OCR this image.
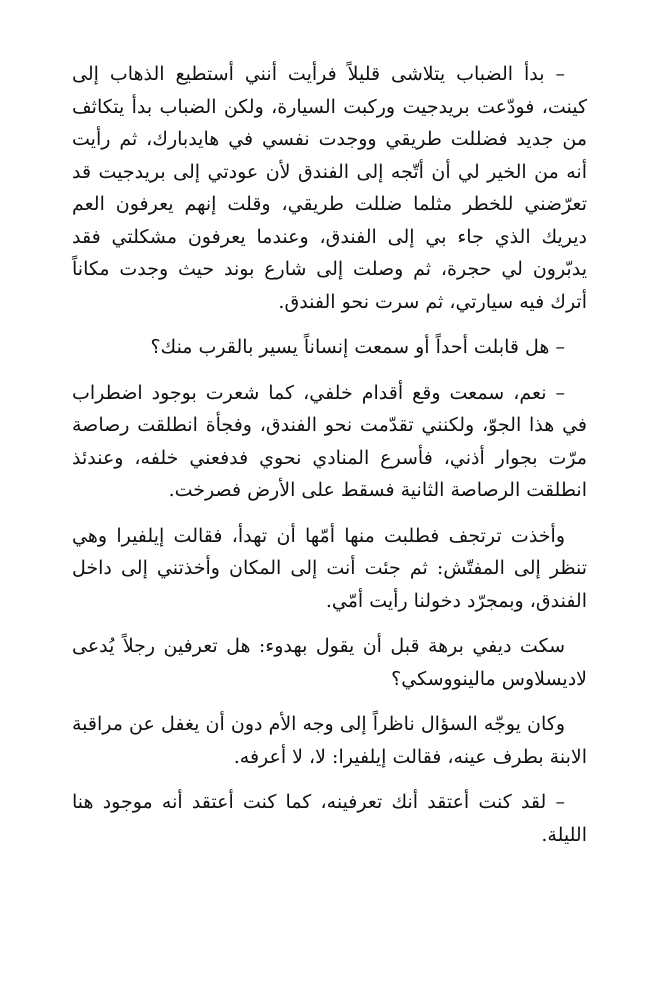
– بدأ الضباب يتلاشى قليلاً فرأيت أنني أستطيع الذهاب إلى كينت، فودّعت بريدجيت وركبت السيارة، ولكن الضباب بدأ يتكاثف من جديد فضللت طريقي ووجدت نفسي في هايدبارك، ثم رأيت أنه من الخير لي أن أتّجه إلى الفندق لأن عودتي إلى بريدجيت قد تعرّضني للخطر مثلما ضللت طريقي، وقلت إنهم يعرفون العم ديريك الذي جاء بي إلى الفندق، وعندما يعرفون مشكلتي فقد يدبّرون لي حجرة، ثم وصلت إلى شارع بوند حيث وجدت مكاناً أترك فيه سيارتي، ثم سرت نحو الفندق.

– هل قابلت أحداً أو سمعت إنساناً يسير بالقرب منك؟

– نعم، سمعت وقع أقدام خلفي، كما شعرت بوجود اضطراب في هذا الجوّ، ولكنني تقدّمت نحو الفندق، وفجأة انطلقت رصاصة مرّت بجوار أذني، فأسرع المنادي نحوي فدفعني خلفه، وعندئذ انطلقت الرصاصة الثانية فسقط على الأرض فصرخت.

وأخذت ترتجف فطلبت منها أمّها أن تهدأ، فقالت إيلفيرا وهي تنظر إلى المفتّش: ثم جئت أنت إلى المكان وأخذتني إلى داخل الفندق، وبمجرّد دخولنا رأيت أمّي.

سكت ديفي برهة قبل أن يقول بهدوء: هل تعرفين رجلاً يُدعى لاديسلاوس مالينووسكي؟

وكان يوجّه السؤال ناظراً إلى وجه الأم دون أن يغفل عن مراقبة الابنة بطرف عينه، فقالت إيلفيرا: لا، لا أعرفه.

– لقد كنت أعتقد أنك تعرفينه، كما كنت أعتقد أنه موجود هنا الليلة.
